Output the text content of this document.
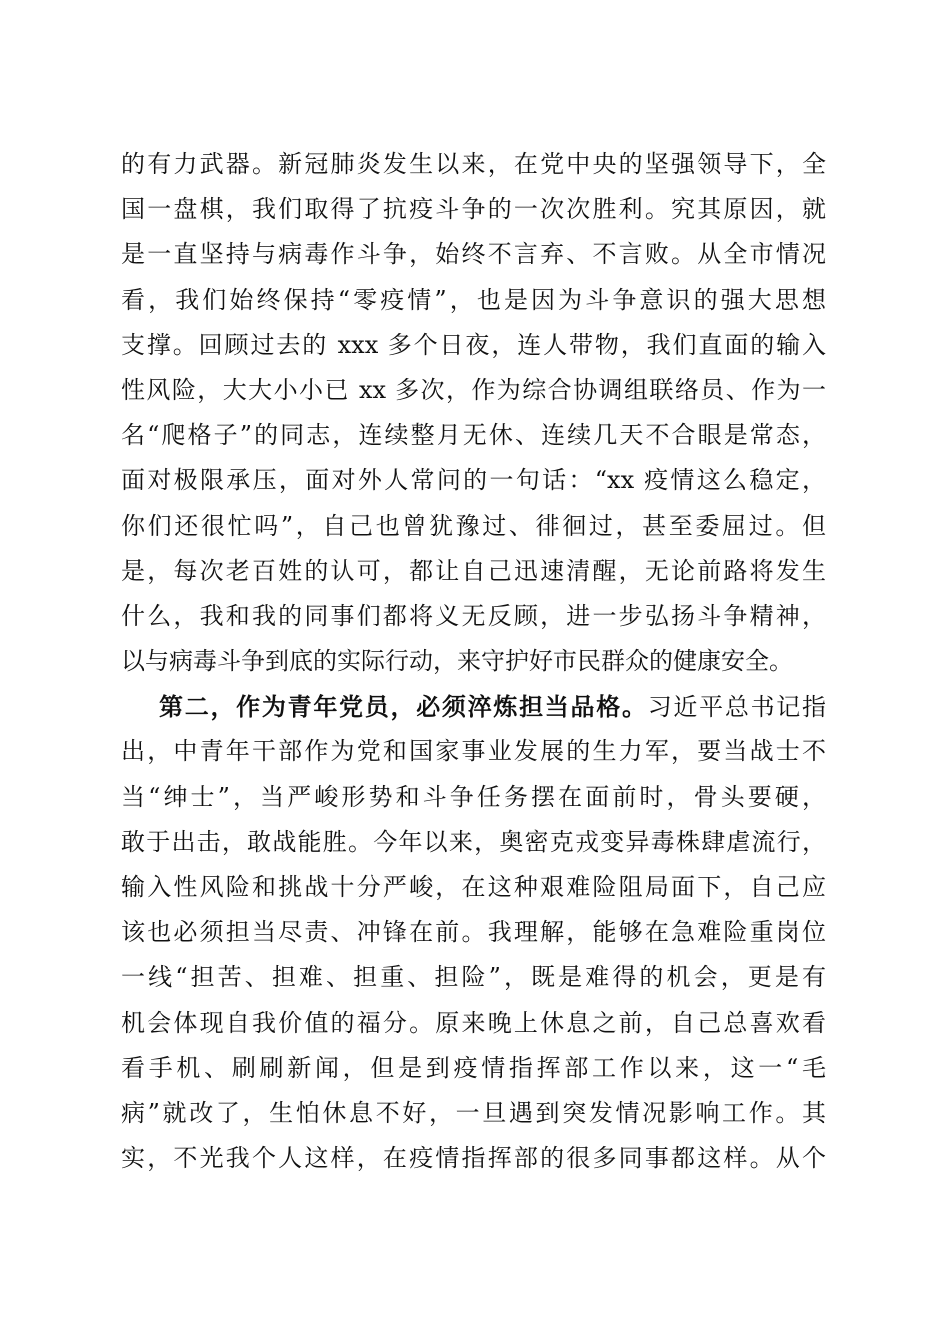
的有力武器。新冠肺炎发生以来，在党中央的坚强领导下，全
国一盘棋，我们取得了抗疫斗争的一次次胜利。究其原因，就
是一直坚持与病毒作斗争，始终不言弃、不言败。从全市情况
看，我们始终保持“零疫情”，也是因为斗争意识的强大思想
支撑。回顾过去的 xxx 多个日夜，连人带物，我们直面的输入
性风险，大大小小已 xx 多次，作为综合协调组联络员、作为一
名“爬格子”的同志，连续整月无休、连续几天不合眼是常态，
面对极限承压，面对外人常问的一句话：“xx 疫情这么稳定，
你们还很忙吗”，自己也曾犹豫过、徘徊过，甚至委屈过。但
是，每次老百姓的认可，都让自己迅速清醒，无论前路将发生
什么，我和我的同事们都将义无反顾，进一步弘扬斗争精神，
以与病毒斗争到底的实际行动，来守护好市民群众的健康安全。
第二，作为青年党员，必须淬炼担当品格。习近平总书记指
出，中青年干部作为党和国家事业发展的生力军，要当战士不
当“绅士”，当严峻形势和斗争任务摆在面前时，骨头要硬，
敢于出击，敢战能胜。今年以来，奥密克戎变异毒株肆虐流行，
输入性风险和挑战十分严峻，在这种艰难险阻局面下，自己应
该也必须担当尽责、冲锋在前。我理解，能够在急难险重岗位
一线“担苦、担难、担重、担险”，既是难得的机会，更是有
机会体现自我价值的福分。原来晚上休息之前，自己总喜欢看
看手机、刷刷新闻，但是到疫情指挥部工作以来，这一“毛
病”就改了，生怕休息不好，一旦遇到突发情况影响工作。其
实，不光我个人这样，在疫情指挥部的很多同事都这样。从个
